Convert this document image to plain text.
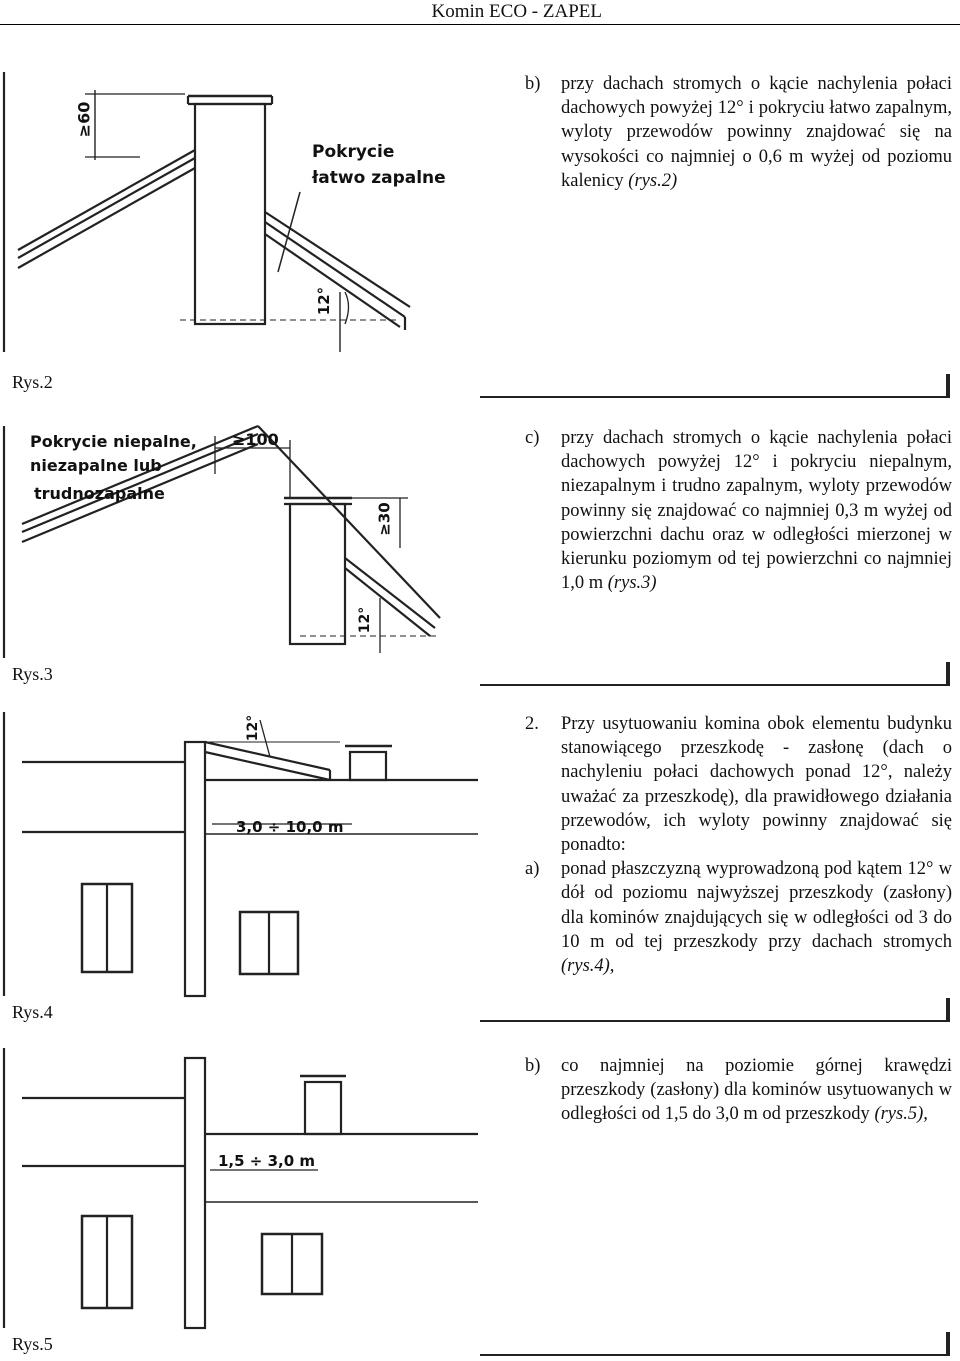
Komin ECO - ZAPEL
≥60
Pokrycie
łatwo zapalne
12°
Rys.2
Pokrycie niepalne,
niezapalne lub
trudnozapalne
≥100
≥30
12°
Rys.3
12°
3,0 ÷ 10,0 m
Rys.4
1,5 ÷ 3,0 m
Rys.5

b) przy dachach stromych o kącie nachylenia połaci dachowych powyżej 12° i pokryciu łatwo zapalnym, wyloty przewodów powinny znajdować się na wysokości co najmniej o 0,6 m wyżej od poziomu kalenicy (rys.2)

c) przy dachach stromych o kącie nachylenia połaci dachowych powyżej 12° i pokryciu niepalnym, niezapalnym i trudno zapalnym, wyloty przewodów powinny się znajdować co najmniej 0,3 m wyżej od powierzchni dachu oraz w odległości mierzonej w kierunku poziomym od tej powierzchni co najmniej 1,0 m (rys.3)

2. Przy usytuowaniu komina obok elementu budynku stanowiącego przeszkodę - zasłonę (dach o nachyleniu połaci dachowych ponad 12°, należy uważać za przeszkodę), dla prawidłowego działania przewodów, ich wyloty powinny znajdować się ponadto:

a) ponad płaszczyzną wyprowadzoną pod kątem 12° w dół od poziomu najwyższej przeszkody (zasłony) dla kominów znajdujących się w odległości od 3 do 10 m od tej przeszkody przy dachach stromych (rys.4),

b) co najmniej na poziomie górnej krawędzi przeszkody (zasłony) dla kominów usytuowanych w odległości od 1,5 do 3,0 m od przeszkody (rys.5),
